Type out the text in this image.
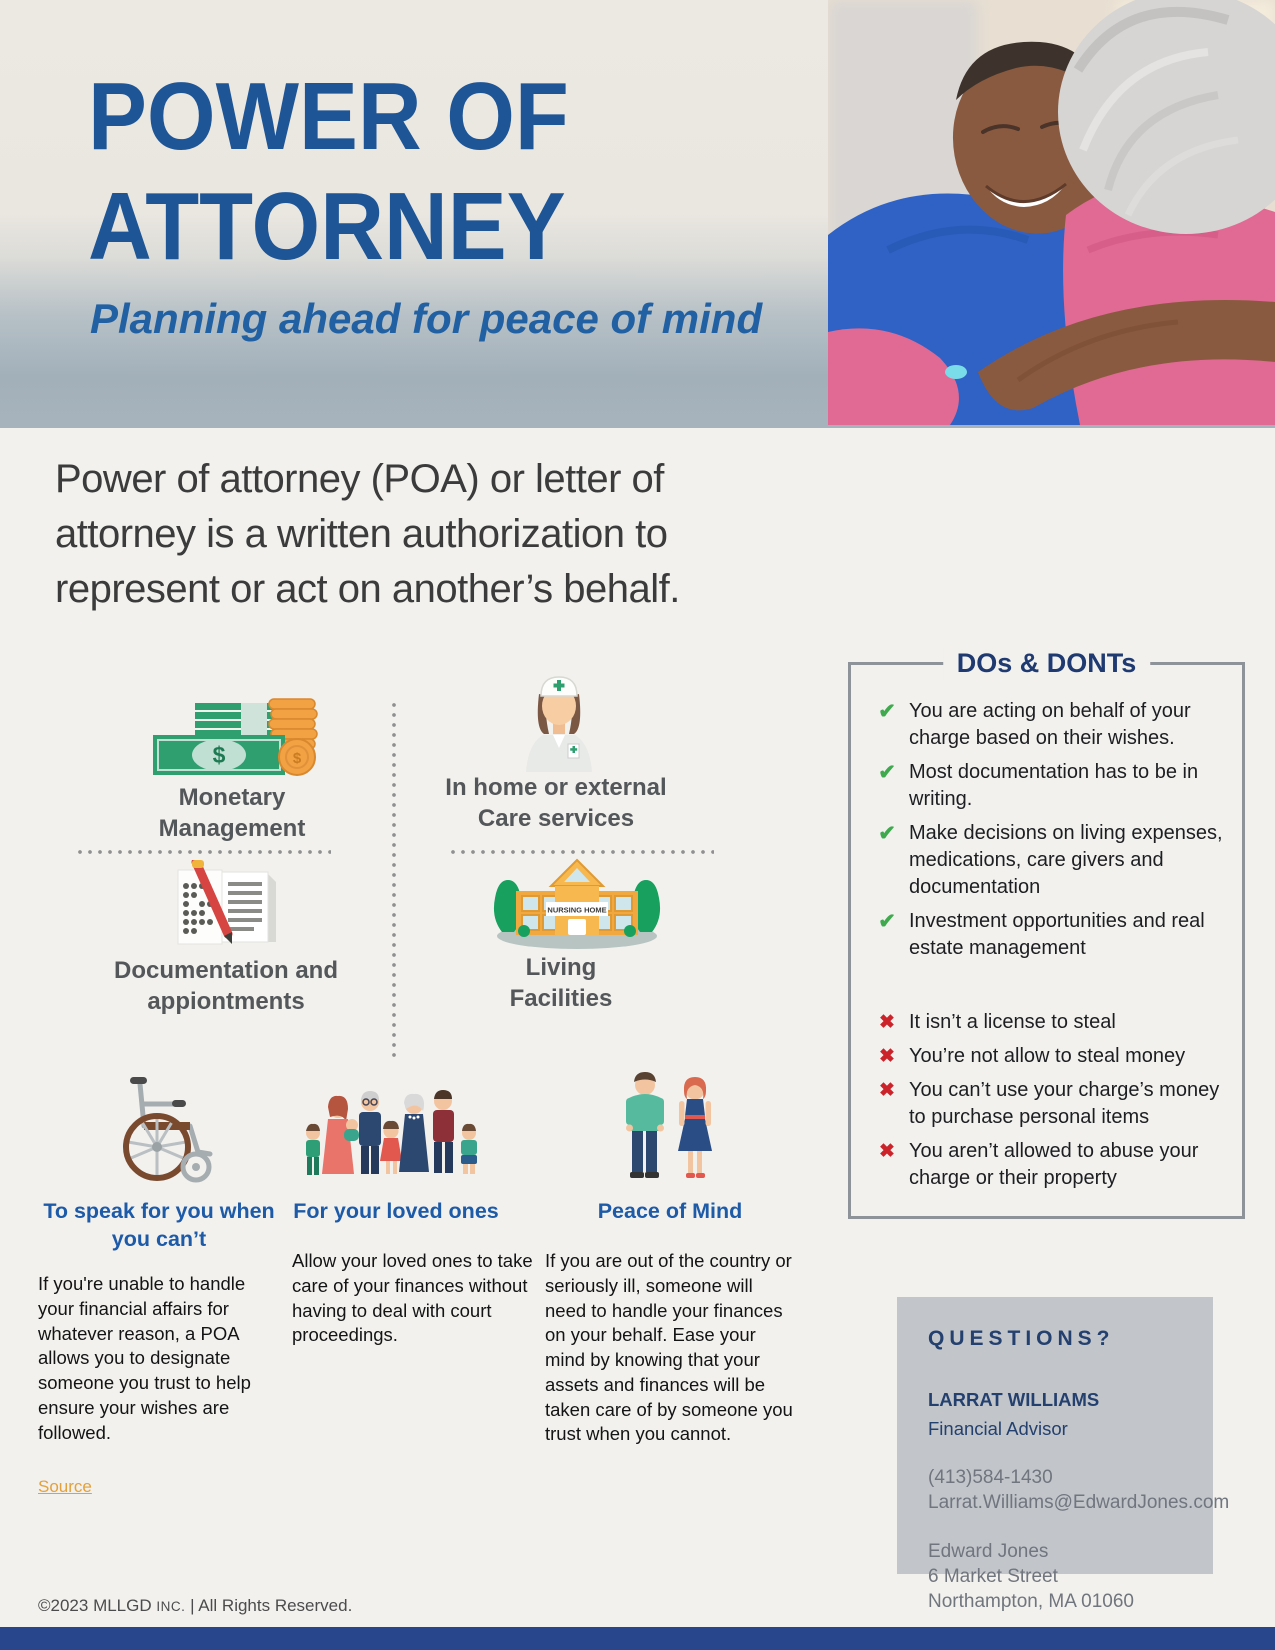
POWER OF
ATTORNEY
Planning ahead for peace of mind
Power of attorney (POA) or letter of attorney is a written authorization to represent or act on another’s behalf.
$	$
Monetary Management
In home or external Care services
Documentation and appiontments
NURSING HOME
Living Facilities
DOs & DONTs
✔ You are acting on behalf of your charge based on their wishes.
✔ Most documentation has to be in writing.
✔ Make decisions on living expenses, medications, care givers and documentation
✔ Investment opportunities and real estate management
✖ It isn’t a license to steal
✖ You’re not allow to steal money
✖ You can’t use your charge’s money to purchase personal items
✖ You aren’t allowed to abuse your charge or their property
To speak for you when you can’t
For your loved ones	Peace of Mind
If you're unable to handle your financial affairs for whatever reason, a POA allows you to designate someone you trust to help ensure your wishes are followed.
Allow your loved ones to take care of your finances without having to deal with court proceedings.
If you are out of the country or seriously ill, someone will need to handle your finances on your behalf. Ease your mind by knowing that your assets and finances will be taken care of by someone you trust when you cannot.
Source
QUESTIONS?
LARRAT WILLIAMS
Financial Advisor
(413)584-1430
Larrat.Williams@EdwardJones.com
Edward Jones
6 Market Street
Northampton, MA 01060
©2023 MLLGD INC. | All Rights Reserved.
